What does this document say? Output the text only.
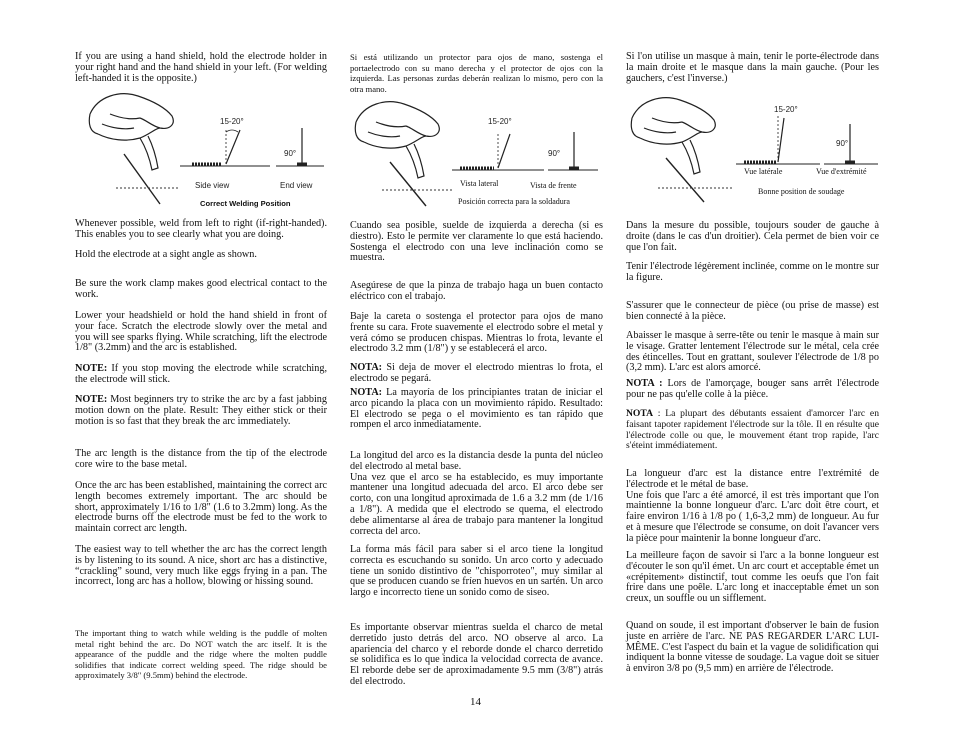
If you are using a hand shield, hold the electrode holder in your right hand and the hand shield in your left. (For welding left-handed it is the opposite.)

15-20°
90°
Side view	End view
Correct Welding Position

Whenever possible, weld from left to right (if-right-handed). This enables you to see clearly what you are doing.

Hold the electrode at a sight angle as shown.

Be sure the work clamp makes good electrical contact to the work.

Lower your headshield or hold the hand shield in front of your face. Scratch the electrode slowly over the metal and you will see sparks flying. While scratching, lift the electrode 1/8" (3.2mm) and the arc is established.

NOTE: If you stop moving the electrode while scratching, the electrode will stick.

NOTE: Most beginners try to strike the arc by a fast jabbing motion down on the plate. Result: They either stick or their motion is so fast that they break the arc immediately.

The arc length is the distance from the tip of the electrode core wire to the base metal.

Once the arc has been established, maintaining the correct arc length becomes extremely important. The arc should be short, approximately 1/16 to 1/8" (1.6 to 3.2mm) long. As the electrode burns off the electrode must be fed to the work to maintain correct arc length.

The easiest way to tell whether the arc has the correct length is by listening to its sound. A nice, short arc has a distinctive, “crackling” sound, very much like eggs frying in a pan. The incorrect, long arc has a hollow, blowing or hissing sound.

The important thing to watch while welding is the puddle of molten metal right behind the arc. Do NOT watch the arc itself. It is the appearance of the puddle and the ridge where the molten puddle solidifies that indicate correct welding speed. The ridge should be approximately 3/8" (9.5mm) behind the electrode.

Si está utilizando un protector para ojos de mano, sostenga el portaelectrodo con su mano derecha y el protector de ojos con la izquierda. Las personas zurdas deberán realizan lo mismo, pero con la otra mano.

15-20°
90°
Vista lateral	Vista de frente
Posición correcta para la soldadura

Cuando sea posible, suelde de izquierda a derecha (si es diestro). Esto le permite ver claramente lo que está haciendo. Sostenga el electrodo con una leve inclinación como se muestra.

Asegúrese de que la pinza de trabajo haga un buen contacto eléctrico con el trabajo.

Baje la careta o sostenga el protector para ojos de mano frente su cara. Frote suavemente el electrodo sobre el metal y verá cómo se producen chispas. Mientras lo frota, levante el electrodo 3.2 mm (1/8") y se establecerá el arco.

NOTA: Si deja de mover el electrodo mientras lo frota, el electrodo se pegará.

NOTA: La mayoría de los principiantes tratan de iniciar el arco picando la placa con un movimiento rápido. Resultado: El electrodo se pega o el movimiento es tan rápido que rompen el arco inmediatamente.

La longitud del arco es la distancia desde la punta del núcleo del electrodo al metal base.
Una vez que el arco se ha establecido, es muy importante mantener una longitud adecuada del arco. El arco debe ser corto, con una longitud aproximada de 1.6 a 3.2 mm (de 1/16 a 1/8"). A medida que el electrodo se quema, el electrodo debe alimentarse al área de trabajo para mantener la longitud correcta del arco.

La forma más fácil para saber si el arco tiene la longitud correcta es escuchando su sonido. Un arco corto y adecuado tiene un sonido distintivo de "chisporroteo", muy similar al que se producen cuando se fríen huevos en un sartén. Un arco largo e incorrecto tiene un sonido como de siseo.

Es importante observar mientras suelda el charco de metal derretido justo detrás del arco. NO observe al arco. La apariencia del charco y el reborde donde el charco derretido se solidifica es lo que indica la velocidad correcta de avance. El reborde debe ser de aproximadamente 9.5 mm (3/8") atrás del electrodo.

Si l'on utilise un masque à main, tenir le porte-électrode dans la main droite et le masque dans la main gauche. (Pour les gauchers, c'est l'inverse.)

15-20°
90°
Vue latérale	Vue d'extrémité
Bonne position de soudage

Dans la mesure du possible, toujours souder de gauche à droite (dans le cas d'un droitier). Cela permet de bien voir ce que l'on fait.

Tenir l'électrode légèrement inclinée, comme on le montre sur la figure.

S'assurer que le connecteur de pièce (ou prise de masse) est bien connecté à la pièce.

Abaisser le masque à serre-tête ou tenir le masque à main sur le visage. Gratter lentement l'électrode sur le métal, cela crée des étincelles. Tout en grattant, soulever l'électrode de 1/8 po (3,2 mm). L'arc est alors amorcé.

NOTA : Lors de l'amorçage, bouger sans arrêt l'électrode pour ne pas qu'elle colle à la pièce.

NOTA : La plupart des débutants essaient d'amorcer l'arc en faisant tapoter rapidement l'électrode sur la tôle. Il en résulte que l'électrode colle ou que, le mouvement étant trop rapide, l'arc s'éteint immédiatement.

La longueur d'arc est la distance entre l'extrémité de l'électrode et le métal de base.
Une fois que l'arc a été amorcé, il est très important que l'on maintienne la bonne longueur d'arc. L'arc doit être court, et faire environ 1/16 à 1/8 po ( 1,6-3,2 mm) de longueur. Au fur et à mesure que l'électrode se consume, on doit l'avancer vers la pièce pour maintenir la bonne longueur d'arc.

La meilleure façon de savoir si l'arc a la bonne longueur est d'écouter le son qu'il émet. Un arc court et acceptable émet un «crépitement» distinctif, tout comme les oeufs que l'on fait frire dans une poêle. L'arc long et inacceptable émet un son creux, un souffle ou un sifflement.

Quand on soude, il est important d'observer le bain de fusion juste en arrière de l'arc. NE PAS REGARDER L'ARC LUI-MÊME. C'est l'aspect du bain et la vague de solidification qui indiquent la bonne vitesse de soudage. La vague doit se situer à environ 3/8 po (9,5 mm) en arrière de l'électrode.

14
